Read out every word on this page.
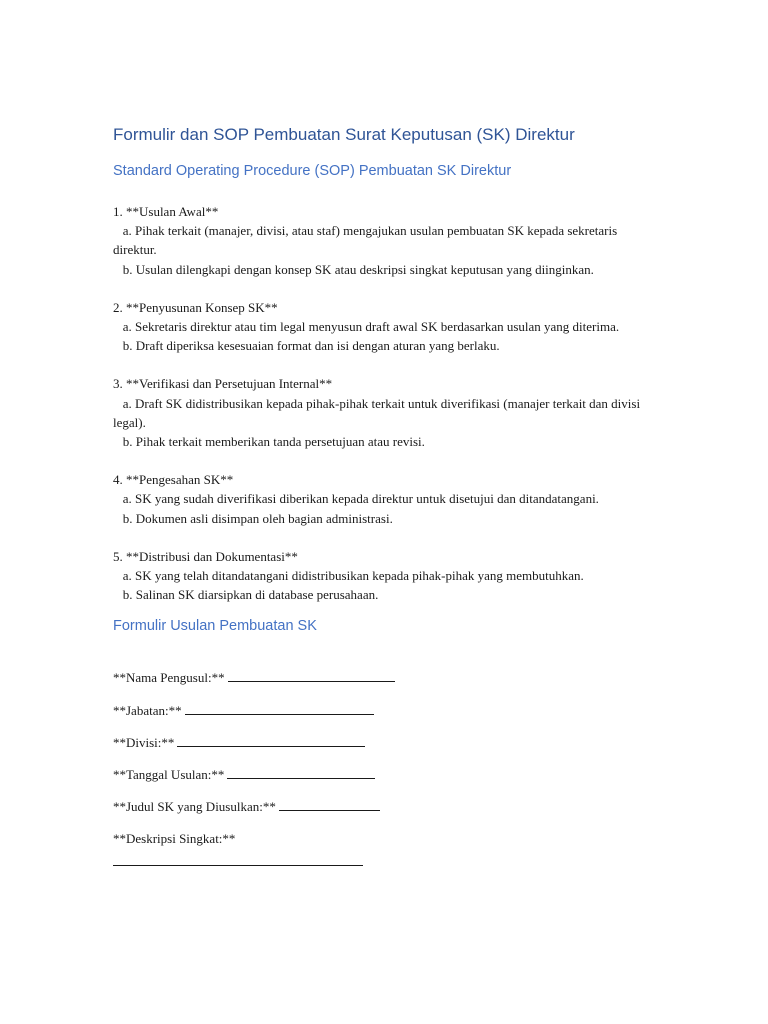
Formulir dan SOP Pembuatan Surat Keputusan (SK) Direktur
Standard Operating Procedure (SOP) Pembuatan SK Direktur
1. **Usulan Awal**
a. Pihak terkait (manajer, divisi, atau staf) mengajukan usulan pembuatan SK kepada sekretaris direktur.
b. Usulan dilengkapi dengan konsep SK atau deskripsi singkat keputusan yang diinginkan.
2. **Penyusunan Konsep SK**
a. Sekretaris direktur atau tim legal menyusun draft awal SK berdasarkan usulan yang diterima.
b. Draft diperiksa kesesuaian format dan isi dengan aturan yang berlaku.
3. **Verifikasi dan Persetujuan Internal**
a. Draft SK didistribusikan kepada pihak-pihak terkait untuk diverifikasi (manajer terkait dan divisi legal).
b. Pihak terkait memberikan tanda persetujuan atau revisi.
4. **Pengesahan SK**
a. SK yang sudah diverifikasi diberikan kepada direktur untuk disetujui dan ditandatangani.
b. Dokumen asli disimpan oleh bagian administrasi.
5. **Distribusi dan Dokumentasi**
a. SK yang telah ditandatangani didistribusikan kepada pihak-pihak yang membutuhkan.
b. Salinan SK diarsipkan di database perusahaan.
Formulir Usulan Pembuatan SK
**Nama Pengusul:**
**Jabatan:**
**Divisi:**
**Tanggal Usulan:**
**Judul SK yang Diusulkan:**
**Deskripsi Singkat:**
